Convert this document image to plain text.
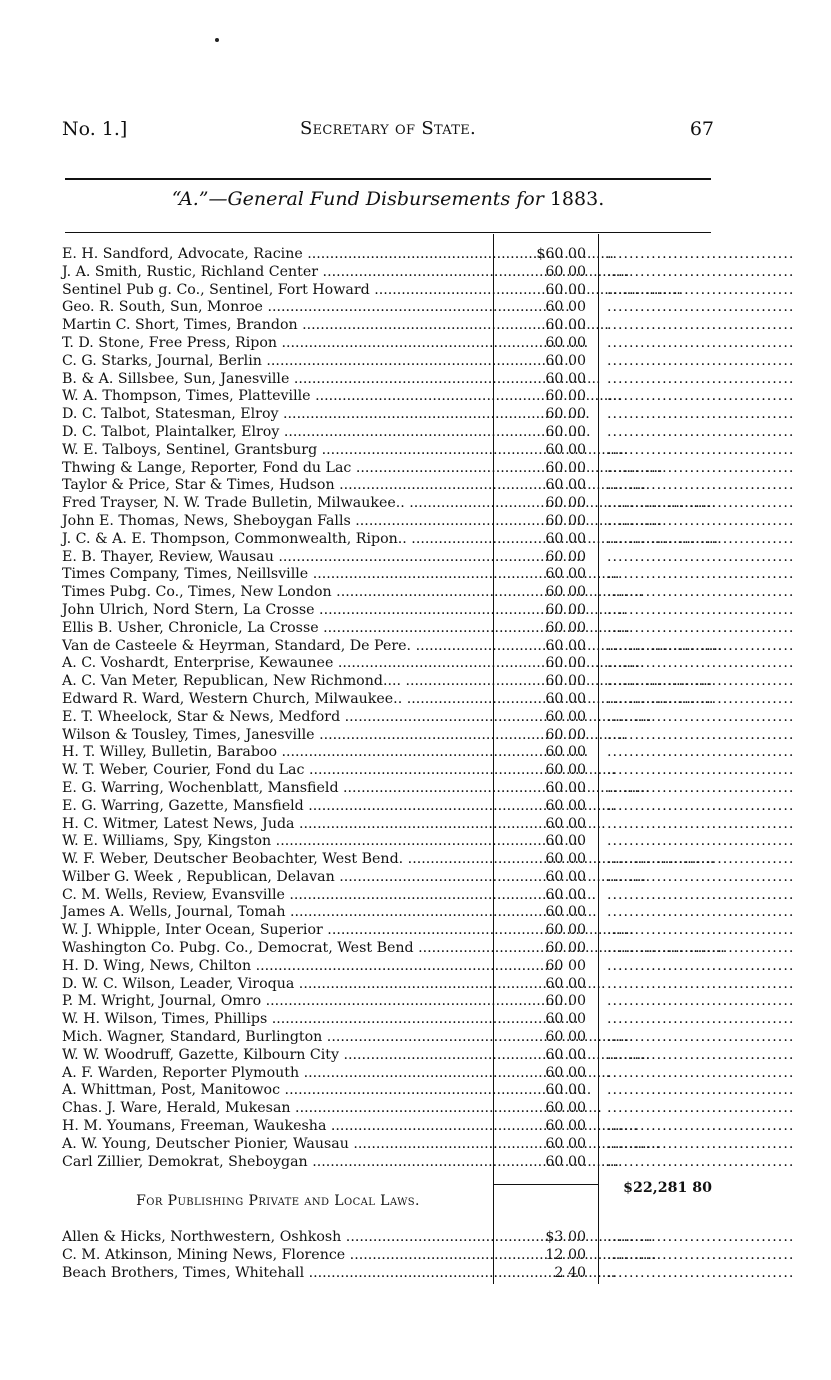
No. 1.]	Secretary of State.	67
“A.”—General Fund Disbursements for 1883.
E. H. Sandford, Advocate, Racine .....	$60 00 ..................................
J. A. Smith, Rustic, Richland Center .....	60 00 ..................................
Sentinel Pub g. Co., Sentinel, Fort Howard .....	60 00 ..................................
Geo. R. South, Sun, Monroe .....	60 00 ..................................
Martin C. Short, Times, Brandon .....	60 00 ..................................
T. D. Stone, Free Press, Ripon .....	60 00 ..................................
C. G. Starks, Journal, Berlin .....	60 00 ..................................
B. & A. Sillsbee, Sun, Janesville .....	60 00 ..................................
W. A. Thompson, Times, Platteville .....	60 00 ..................................
D. C. Talbot, Statesman, Elroy .....	60 00 ..................................
D. C. Talbot, Plaintalker, Elroy .....	60 00 ..................................
W. E. Talboys, Sentinel, Grantsburg .....	60 00 ..................................
Thwing & Lange, Reporter, Fond du Lac .....	60 00 ..................................
Taylor & Price, Star & Times, Hudson .....	60 00 ..................................
Fred Trayser, N. W. Trade Bulletin, Milwaukee.. .....	60 00 ..................................
John E. Thomas, News, Sheboygan Falls .....	60 00 ..................................
J. C. & A. E. Thompson, Commonwealth, Ripon.. .....	60 00 ..................................
E. B. Thayer, Review, Wausau .....	60 00 ..................................
Times Company, Times, Neillsville .....	60 00 ..................................
Times Pubg. Co., Times, New London .....	60 00 ..................................
John Ulrich, Nord Stern, La Crosse .....	60 00 ..................................
Ellis B. Usher, Chronicle, La Crosse .....	60 00 ..................................
Van de Casteele & Heyrman, Standard, De Pere. .....	60 00 ..................................
A. C. Voshardt, Enterprise, Kewaunee .....	60 00 ..................................
A. C. Van Meter, Republican, New Richmond.... .....	60 00 ..................................
Edward R. Ward, Western Church, Milwaukee.. .....	60 00 ..................................
E. T. Wheelock, Star & News, Medford .....	60 00 ..................................
Wilson & Tousley, Times, Janesville .....	60 00 ..................................
H. T. Willey, Bulletin, Baraboo .....	60 00 ..................................
W. T. Weber, Courier, Fond du Lac .....	60 00 ..................................
E. G. Warring, Wochenblatt, Mansfield .....	60 00 ..................................
E. G. Warring, Gazette, Mansfield .....	60 00 ..................................
H. C. Witmer, Latest News, Juda .....	60 00 ..................................
W. E. Williams, Spy, Kingston .....	60 00 ..................................
W. F. Weber, Deutscher Beobachter, West Bend. .....	60 00 ..................................
Wilber G. Week , Republican, Delavan .....	60 00 ..................................
C. M. Wells, Review, Evansville .....	60 00 ..................................
James A. Wells, Journal, Tomah .....	60 00 ..................................
W. J. Whipple, Inter Ocean, Superior .....	60 00 ..................................
Washington Co. Pubg. Co., Democrat, West Bend .....	60 00 ..................................
H. D. Wing, News, Chilton .....	60 00 ..................................
D. W. C. Wilson, Leader, Viroqua .....	60 00 ..................................
P. M. Wright, Journal, Omro .....	60 00 ..................................
W. H. Wilson, Times, Phillips .....	60 00 ..................................
Mich. Wagner, Standard, Burlington .....	60 00 ..................................
W. W. Woodruff, Gazette, Kilbourn City .....	60 00 ..................................
A. F. Warden, Reporter Plymouth .....	60 00 ..................................
A. Whittman, Post, Manitowoc .....	60 00 ..................................
Chas. J. Ware, Herald, Mukesan .....	60 00 ..................................
H. M. Youmans, Freeman, Waukesha .....	60 00 ..................................
A. W. Young, Deutscher Pionier, Wausau .....	60 00 ..................................
Carl Zillier, Demokrat, Sheboygan .....	60 00 ..................................
$22,281 80
For Publishing Private and Local Laws.
Allen & Hicks, Northwestern, Oshkosh .....	$3 00 ..................................
C. M. Atkinson, Mining News, Florence .....	12 00 ..................................
Beach Brothers, Times, Whitehall .....	2 40 ..................................
